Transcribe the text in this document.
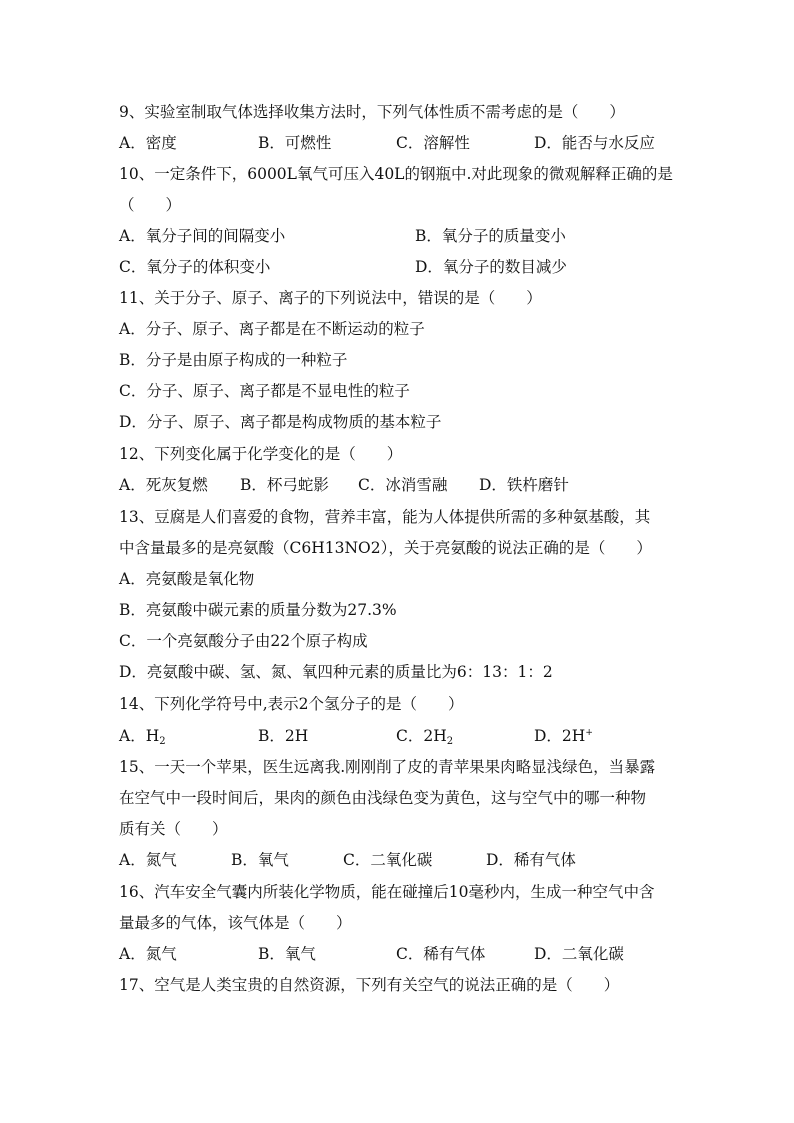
9、实验室制取气体选择收集方法时，下列气体性质不需考虑的是（　　）
A．密度	B．可燃性	C．溶解性	D．能否与水反应
10、一定条件下，6000L氧气可压入40L的钢瓶中.对此现象的微观解释正确的是
（　　）
A．氧分子间的间隔变小	B．氧分子的质量变小
C．氧分子的体积变小	D．氧分子的数目减少
11、关于分子、原子、离子的下列说法中，错误的是（　　）
A．分子、原子、离子都是在不断运动的粒子
B．分子是由原子构成的一种粒子
C．分子、原子、离子都是不显电性的粒子
D．分子、原子、离子都是构成物质的基本粒子
12、下列变化属于化学变化的是（　　）
A．死灰复燃 B．杯弓蛇影 C．冰消雪融 D．铁杵磨针
13、豆腐是人们喜爱的食物，营养丰富，能为人体提供所需的多种氨基酸，其
中含量最多的是亮氨酸（C6H13NO2），关于亮氨酸的说法正确的是（　　）
A．亮氨酸是氧化物
B．亮氨酸中碳元素的质量分数为27.3%
C．一个亮氨酸分子由22个原子构成
D．亮氨酸中碳、氢、氮、氧四种元素的质量比为6：13：1：2
14、下列化学符号中,表示2个氢分子的是（　　）
A．H2	B．2H	C．2H2	D．2H+
15、一天一个苹果，医生远离我.刚刚削了皮的青苹果果肉略显浅绿色，当暴露
在空气中一段时间后，果肉的颜色由浅绿色变为黄色，这与空气中的哪一种物
质有关（　　）
A．氮气	B．氧气	C．二氧化碳	D．稀有气体
16、汽车安全气囊内所装化学物质，能在碰撞后10毫秒内，生成一种空气中含
量最多的气体，该气体是（　　）
A．氮气	B．氧气	C．稀有气体	D．二氧化碳
17、空气是人类宝贵的自然资源，下列有关空气的说法正确的是（　　）
